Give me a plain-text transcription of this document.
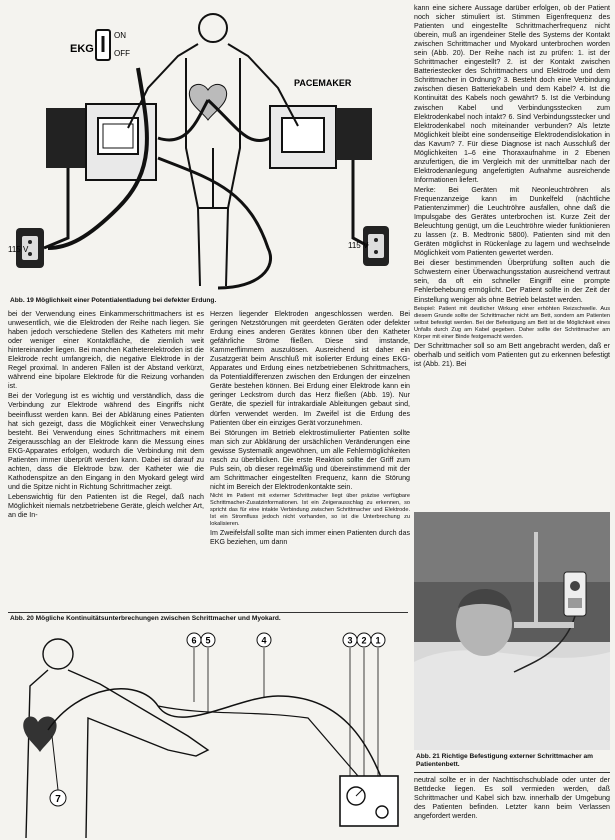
EKG
ON
OFF
PACEMAKER
115 V	115 V
Abb. 19 Möglichkeit einer Potentialentladung bei defekter Erdung.

bei der Verwendung eines Einkammerschrittmachers ist es unwesentlich, wie die Elektroden der Reihe nach liegen. Sie haben jedoch verschiedene Stellen des Katheters mit mehr oder weniger einer Kontaktfläche, die ziemlich weit hintereinander liegen. Bei manchen Katheterelektroden ist die Elektrode recht umfangreich, die negative Elektrode in der Regel proximal. In anderen Fällen ist der Abstand verkürzt, während eine bipolare Elektrode für die Reizung vorhanden ist.

Bei der Vorlegung ist es wichtig und verständlich, dass die Verbindung zur Elektrode während des Eingriffs nicht beeinflusst werden kann. Bei der Abklärung eines Patienten hat sich gezeigt, dass die Möglichkeit einer Verwechslung besteht. Bei Verwendung eines Schrittmachers mit einem Zeigerausschlag an der Elektrode kann die Messung eines EKG-Apparates erfolgen, wodurch die Verbindung mit dem Patienten immer überprüft werden kann. Dabei ist darauf zu achten, dass die Elektrode bzw. der Katheter wie die Kathodenspitze an den Eingang in den Myokard gelegt wird und die Spitze nicht in Richtung Schrittmacher zeigt.

Lebenswichtig für den Patienten ist die Regel, daß nach Möglichkeit niemals netzbetriebene Geräte, gleich welcher Art, an die In-

Herzen liegender Elektroden angeschlossen werden. Bei geringen Netzstörungen mit geerdeten Geräten oder defekter Erdung eines anderen Gerätes können über den Katheter gefährliche Ströme fließen. Diese sind imstande, Kammerflimmern auszulösen. Ausreichend ist daher ein Zusatzgerät beim Anschluß mit isolierter Erdung eines EKG-Apparates und Erdung eines netzbetriebenen Schrittmachers, da Potentialdifferenzen zwischen den Erdungen der einzelnen Geräte bestehen können. Bei Erdung einer Elektrode kann ein geringer Leckstrom durch das Herz fließen (Abb. 19). Nur Geräte, die speziell für intrakardiale Ableitungen gebaut sind, dürfen verwendet werden. Im Zweifel ist die Erdung des Patienten über ein einziges Gerät vorzunehmen.

Bei Störungen im Betrieb elektrostimulierter Patienten sollte man sich zur Abklärung der ursächlichen Veränderungen eine gewisse Systematik angewöhnen, um alle Fehlermöglichkeiten rasch zu überblicken. Die erste Reaktion sollte der Griff zum Puls sein, ob dieser regelmäßig und übereinstimmend mit der am Schrittmacher eingestellten Frequenz, kann die Störung nicht im Bereich der Elektrodenkontakte sein.

Nicht im Patient mit externer Schrittmacher liegt über präzise verfügbare Schrittmacher-Zusatzinformationen. Ist ein Zeigerausschlag zu erkennen, so spricht das für eine intakte Verbindung zwischen Schrittmacher und Elektrode. Ist ein Stromfluss jedoch nicht vorhanden, so ist die Unterbrechung zu lokalisieren.

Im Zweifelsfall sollte man sich immer einen Patienten durch das EKG beziehen, um dann

Abb. 20 Mögliche Kontinuitätsunterbrechungen zwischen Schrittmacher und Myokard.
6 5	4	3 2 1
7

kann eine sichere Aussage darüber erfolgen, ob der Patient noch sicher stimuliert ist. Stimmen Eigenfrequenz des Patienten und eingestellte Schrittmacherfrequenz nicht überein, muß an irgendeiner Stelle des Systems der Kontakt zwischen Schrittmacher und Myokard unterbrochen worden sein (Abb. 20). Der Reihe nach ist zu prüfen: 1. ist der Schrittmacher eingestellt? 2. ist der Kontakt zwischen Batteriestecker des Schrittmachers und Elektrode und dem Schrittmacher in Ordnung? 3. Besteht doch eine Verbindung zwischen diesen Batteriekabeln und dem Kabel? 4. Ist die Kontinuität des Kabels noch gewährt? 5. Ist die Verbindung zwischen Kabel und Verbindungsstecken zum Elektrodenkabel noch intakt? 6. Sind Verbindungsstecker und Elektrodenkabel noch miteinander verbunden? Als letzte Möglichkeit bleibt eine sondenseitige Elektrodendislokation in das Kavum? 7. Für diese Diagnose ist nach Ausschluß der Möglichkeiten 1–6 eine Thoraxaufnahme in 2 Ebenen anzufertigen, die im Vergleich mit der unmittelbar nach der Elektrodenanlegung angefertigten Aufnahme ausreichende Informationen liefert.

Merke: Bei Geräten mit Neonleuchtröhren als Frequenzanzeige kann im Dunkelfeld (nächtliche Patientenzimmer) die Leuchtröhre ausfallen, ohne daß die Impulsgabe des Gerätes unterbrochen ist. Kurze Zeit der Beleuchtung genügt, um die Leuchtröhre wieder funktionieren zu lassen (z. B. Medtronic 5800). Patienten sind mit den Geräten möglichst in Rückenlage zu lagern und wechselnde Möglichkeit vom Patienten gewertet werden.

Bei dieser bestimmenden Überprüfung sollten auch die Schwestern einer Überwachungsstation ausreichend vertraut sein, da oft ein schneller Eingriff eine prompte Fehlerbehebung ermöglicht. Der Patient sollte in der Zeit der Einstellung weniger als ohne Betrieb belastet werden.

Beispiel: Patient mit deutlicher Wirkung einer erhöhten Reizschwelle. Aus diesem Grunde sollte der Schrittmacher nicht am Bett, sondern am Patienten selbst befestigt werden. Bei der Befestigung am Bett ist die Möglichkeit eines Unfalls durch Zug am Kabel gegeben. Daher sollte der Schrittmacher am Körper mit einer Binde festgemacht werden.

Der Schrittmacher soll so am Bett angebracht werden, daß er oberhalb und seitlich vom Patienten gut zu erkennen befestigt ist (Abb. 21). Bei

Abb. 21 Richtige Befestigung externer Schrittmacher am Patientenbett.

neutral sollte er in der Nachttischschublade oder unter der Bettdecke liegen. Es soll vermieden werden, daß Schrittmacher und Kabel sich bzw. innerhalb der Umgebung des Patienten befinden. Letzter kann beim Verlassen angefordert werden.
